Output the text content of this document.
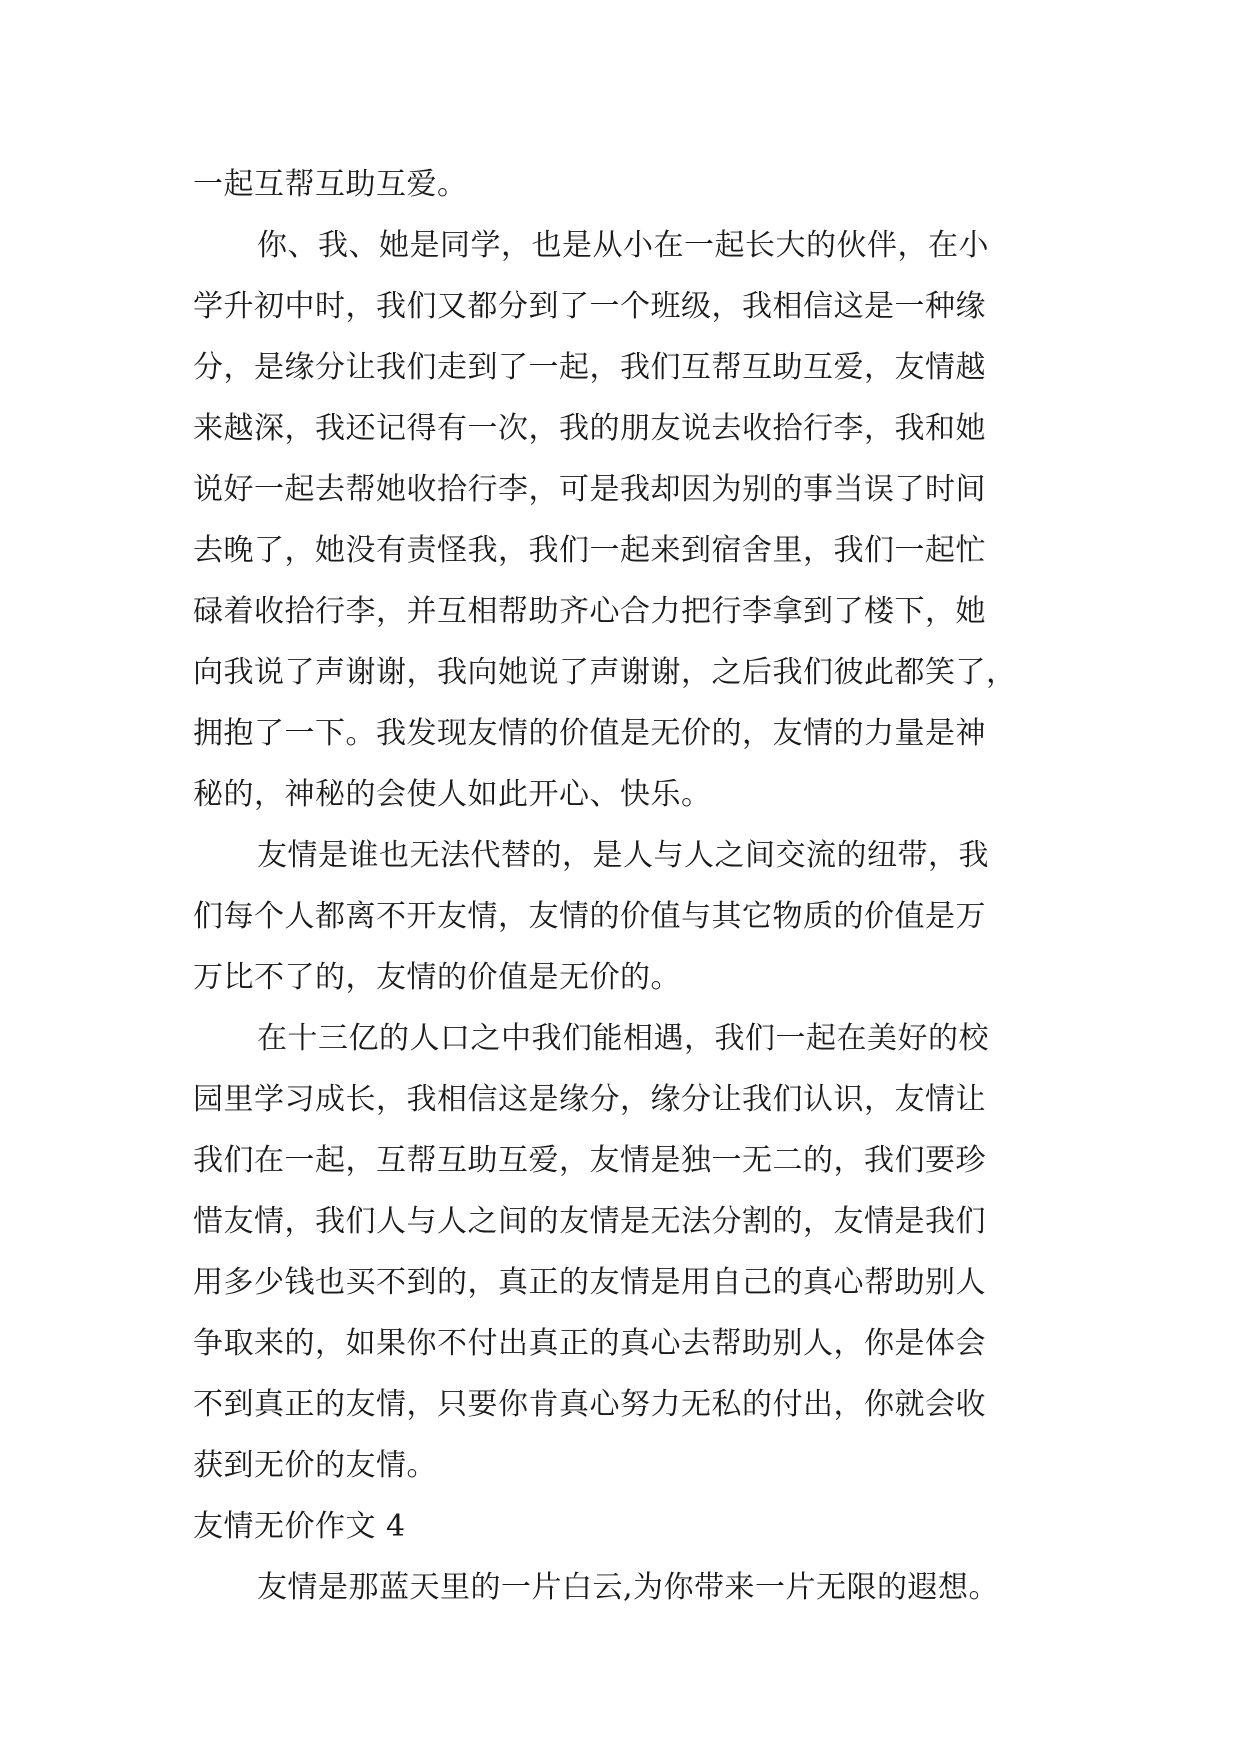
一起互帮互助互爱。
你、我、她是同学，也是从小在一起长大的伙伴，在小
学升初中时，我们又都分到了一个班级，我相信这是一种缘
分，是缘分让我们走到了一起，我们互帮互助互爱，友情越
来越深，我还记得有一次，我的朋友说去收拾行李，我和她
说好一起去帮她收拾行李，可是我却因为别的事当误了时间
去晚了，她没有责怪我，我们一起来到宿舍里，我们一起忙
碌着收拾行李，并互相帮助齐心合力把行李拿到了楼下，她
向我说了声谢谢，我向她说了声谢谢，之后我们彼此都笑了，
拥抱了一下。我发现友情的价值是无价的，友情的力量是神
秘的，神秘的会使人如此开心、快乐。
友情是谁也无法代替的，是人与人之间交流的纽带，我
们每个人都离不开友情，友情的价值与其它物质的价值是万
万比不了的，友情的价值是无价的。
在十三亿的人口之中我们能相遇，我们一起在美好的校
园里学习成长，我相信这是缘分，缘分让我们认识，友情让
我们在一起，互帮互助互爱，友情是独一无二的，我们要珍
惜友情，我们人与人之间的友情是无法分割的，友情是我们
用多少钱也买不到的，真正的友情是用自己的真心帮助别人
争取来的，如果你不付出真正的真心去帮助别人，你是体会
不到真正的友情，只要你肯真心努力无私的付出，你就会收
获到无价的友情。
友情无价作文 4
友情是那蓝天里的一片白云,为你带来一片无限的遐想。
